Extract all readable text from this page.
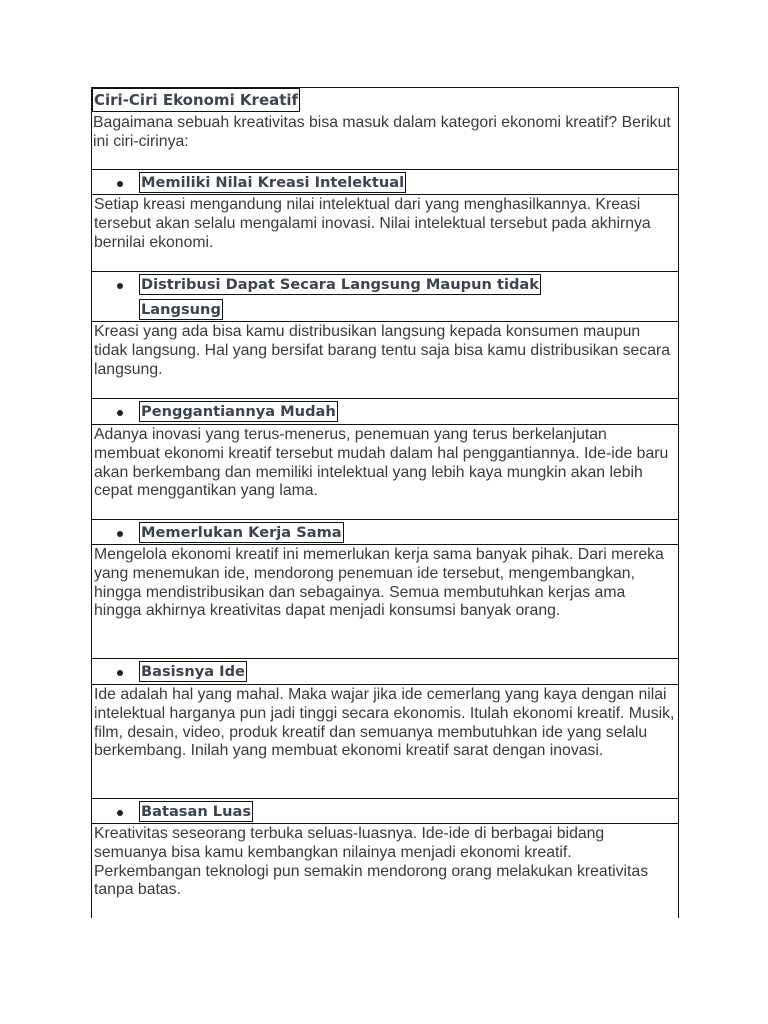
Ciri-Ciri Ekonomi Kreatif

Bagaimana sebuah kreativitas bisa masuk dalam kategori ekonomi kreatif? Berikut ini ciri-cirinya:

Memiliki Nilai Kreasi Intelektual

Setiap kreasi mengandung nilai intelektual dari yang menghasilkannya. Kreasi tersebut akan selalu mengalami inovasi. Nilai intelektual tersebut pada akhirnya bernilai ekonomi.

Distribusi Dapat Secara Langsung Maupun tidak Langsung

Kreasi yang ada bisa kamu distribusikan langsung kepada konsumen maupun tidak langsung. Hal yang bersifat barang tentu saja bisa kamu distribusikan secara langsung.

Penggantiannya Mudah

Adanya inovasi yang terus-menerus, penemuan yang terus berkelanjutan membuat ekonomi kreatif tersebut mudah dalam hal penggantiannya. Ide-ide baru akan berkembang dan memiliki intelektual yang lebih kaya mungkin akan lebih cepat menggantikan yang lama.

Memerlukan Kerja Sama

Mengelola ekonomi kreatif ini memerlukan kerja sama banyak pihak. Dari mereka yang menemukan ide, mendorong penemuan ide tersebut, mengembangkan, hingga mendistribusikan dan sebagainya. Semua membutuhkan kerjas ama hingga akhirnya kreativitas dapat menjadi konsumsi banyak orang.

Basisnya Ide

Ide adalah hal yang mahal. Maka wajar jika ide cemerlang yang kaya dengan nilai intelektual harganya pun jadi tinggi secara ekonomis. Itulah ekonomi kreatif. Musik, film, desain, video, produk kreatif dan semuanya membutuhkan ide yang selalu berkembang. Inilah yang membuat ekonomi kreatif sarat dengan inovasi.

Batasan Luas

Kreativitas seseorang terbuka seluas-luasnya. Ide-ide di berbagai bidang semuanya bisa kamu kembangkan nilainya menjadi ekonomi kreatif. Perkembangan teknologi pun semakin mendorong orang melakukan kreativitas tanpa batas.
